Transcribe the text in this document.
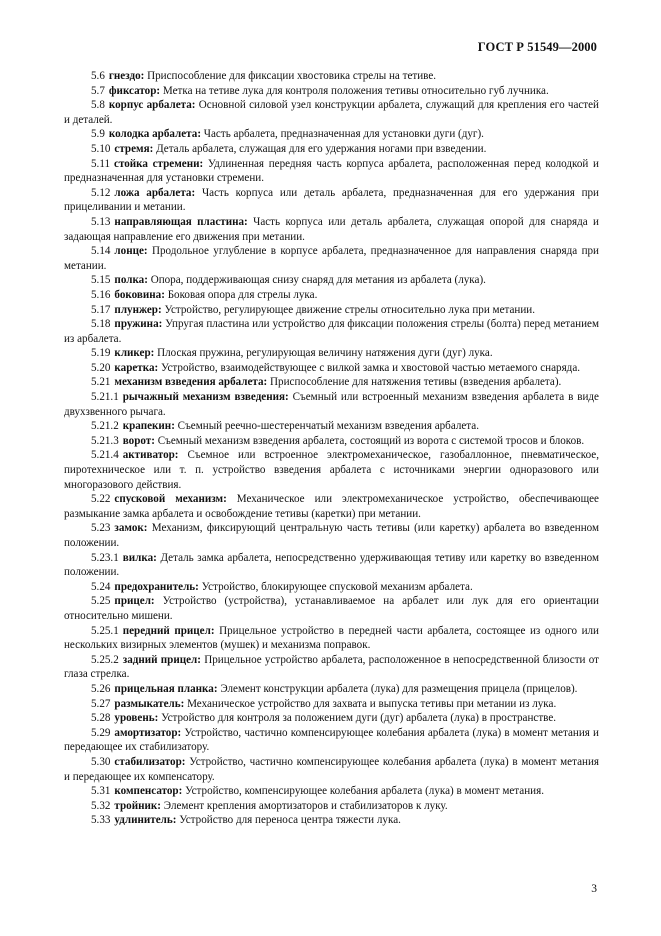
ГОСТ Р 51549—2000

5.6 гнездо: Приспособление для фиксации хвостовика стрелы на тетиве.

5.7 фиксатор: Метка на тетиве лука для контроля положения тетивы относительно губ лучника.

5.8 корпус арбалета: Основной силовой узел конструкции арбалета, служащий для крепления его частей и деталей.

5.9 колодка арбалета: Часть арбалета, предназначенная для установки дуги (дуг).

5.10 стремя: Деталь арбалета, служащая для его удержания ногами при взведении.

5.11 стойка стремени: Удлиненная передняя часть корпуса арбалета, расположенная перед колодкой и предназначенная для установки стремени.

5.12 ложа арбалета: Часть корпуса или деталь арбалета, предназначенная для его удержания при прицеливании и метании.

5.13 направляющая пластина: Часть корпуса или деталь арбалета, служащая опорой для снаряда и задающая направление его движения при метании.

5.14 лонце: Продольное углубление в корпусе арбалета, предназначенное для направления снаряда при метании.

5.15 полка: Опора, поддерживающая снизу снаряд для метания из арбалета (лука).

5.16 боковина: Боковая опора для стрелы лука.

5.17 плунжер: Устройство, регулирующее движение стрелы относительно лука при метании.

5.18 пружина: Упругая пластина или устройство для фиксации положения стрелы (болта) перед метанием из арбалета.

5.19 кликер: Плоская пружина, регулирующая величину натяжения дуги (дуг) лука.

5.20 каретка: Устройство, взаимодействующее с вилкой замка и хвостовой частью метаемого снаряда.

5.21 механизм взведения арбалета: Приспособление для натяжения тетивы (взведения арбалета).

5.21.1 рычажный механизм взведения: Съемный или встроенный механизм взведения арбалета в виде двухзвенного рычага.

5.21.2 крапекин: Съемный реечно-шестеренчатый механизм взведения арбалета.

5.21.3 ворот: Съемный механизм взведения арбалета, состоящий из ворота с системой тросов и блоков.

5.21.4 активатор: Съемное или встроенное электромеханическое, газобаллонное, пневматическое, пиротехническое или т. п. устройство взведения арбалета с источниками энергии одноразового или многоразового действия.

5.22 спусковой механизм: Механическое или электромеханическое устройство, обеспечивающее размыкание замка арбалета и освобождение тетивы (каретки) при метании.

5.23 замок: Механизм, фиксирующий центральную часть тетивы (или каретку) арбалета во взведенном положении.

5.23.1 вилка: Деталь замка арбалета, непосредственно удерживающая тетиву или каретку во взведенном положении.

5.24 предохранитель: Устройство, блокирующее спусковой механизм арбалета.

5.25 прицел: Устройство (устройства), устанавливаемое на арбалет или лук для его ориентации относительно мишени.

5.25.1 передний прицел: Прицельное устройство в передней части арбалета, состоящее из одного или нескольких визирных элементов (мушек) и механизма поправок.

5.25.2 задний прицел: Прицельное устройство арбалета, расположенное в непосредственной близости от глаза стрелка.

5.26 прицельная планка: Элемент конструкции арбалета (лука) для размещения прицела (прицелов).

5.27 размыкатель: Механическое устройство для захвата и выпуска тетивы при метании из лука.

5.28 уровень: Устройство для контроля за положением дуги (дуг) арбалета (лука) в пространстве.

5.29 амортизатор: Устройство, частично компенсирующее колебания арбалета (лука) в момент метания и передающее их стабилизатору.

5.30 стабилизатор: Устройство, частично компенсирующее колебания арбалета (лука) в момент метания и передающее их компенсатору.

5.31 компенсатор: Устройство, компенсирующее колебания арбалета (лука) в момент метания.

5.32 тройник: Элемент крепления амортизаторов и стабилизаторов к луку.

5.33 удлинитель: Устройство для переноса центра тяжести лука.

3
